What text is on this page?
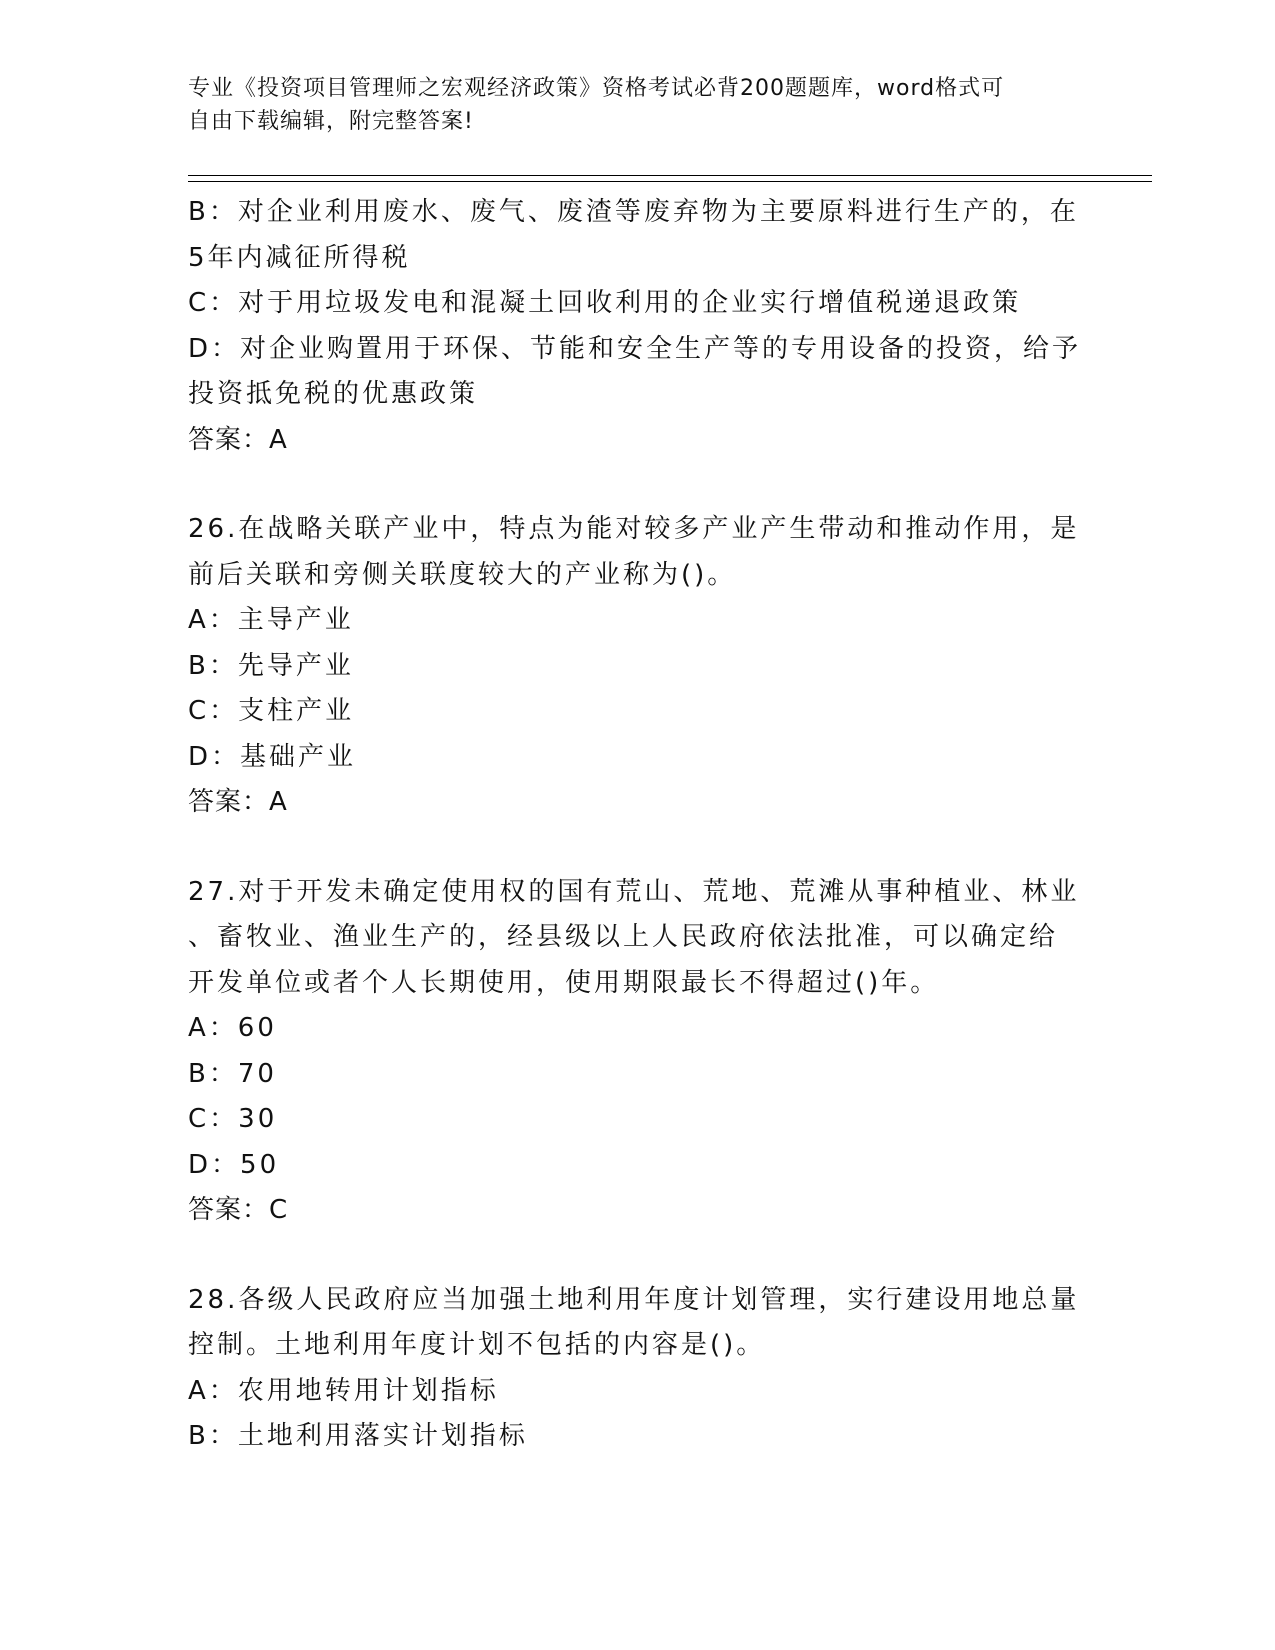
专业《投资项目管理师之宏观经济政策》资格考试必背200题题库，word格式可
自由下载编辑，附完整答案!
B：对企业利用废水、废气、废渣等废弃物为主要原料进行生产的，在
5年内减征所得税
C：对于用垃圾发电和混凝土回收利用的企业实行增值税递退政策
D：对企业购置用于环保、节能和安全生产等的专用设备的投资，给予
投资抵免税的优惠政策
答案：A
26.在战略关联产业中，特点为能对较多产业产生带动和推动作用，是
前后关联和旁侧关联度较大的产业称为()。
A：主导产业
B：先导产业
C：支柱产业
D：基础产业
答案：A
27.对于开发未确定使用权的国有荒山、荒地、荒滩从事种植业、林业
、畜牧业、渔业生产的，经县级以上人民政府依法批准，可以确定给
开发单位或者个人长期使用，使用期限最长不得超过()年。
A：60
B：70
C：30
D：50
答案：C
28.各级人民政府应当加强土地利用年度计划管理，实行建设用地总量
控制。土地利用年度计划不包括的内容是()。
A：农用地转用计划指标
B：土地利用落实计划指标
